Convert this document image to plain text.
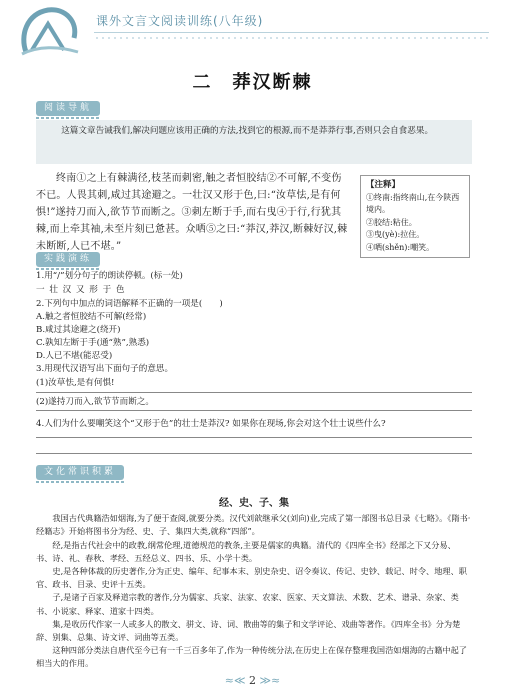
课外文言文阅读训练(八年级)
二　莽汉断棘
阅读导航

这篇文章告诫我们,解决问题应该用正确的方法,找到它的根源,而不是莽莽行事,否则只会自食恶果。

终南①之上有棘满径,枝茎而刺密,触之者恒胶结②不可解,不变伤不已。人畏其刺,咸过其途避之。一壮汉又形于色,曰:“汝草怯,是有何惧!”遂持刀而入,欲节节而断之。③刺左断于手,而右曳④于行,行犹其棘,而上牵其袖,未至片刻已惫甚。众哂⑤之曰:“莽汉,莽汉,断棘好汉,棘未断断,人已不堪。”

【注释】
①终南:指终南山,在今陕西境内。
②胶结:粘住。
③曳(yè):拉住。
④哂(shěn):嘲笑。
实践演练
1.用“/”划分句子的朗读停顿。(标一处)
一 壮 汉 又 形 于 色
2.下列句中加点的词语解释不正确的一项是(　　)
A.触之者恒胶结不可解(经常)
B.咸过其途避之(绕开)
C.孰知左断于手(通“熟”,熟悉)
D.人已不堪(能忍受)
3.用现代汉语写出下面句子的意思。
(1)汝草怯,是有何惧!
(2)遂持刀而入,欲节节而断之。
4.人们为什么要嘲笑这个“又形于色”的壮士是莽汉? 如果你在现场,你会对这个壮士说些什么?
文化常识积累
经、史、子、集

我国古代典籍浩如烟海,为了便于查阅,就要分类。汉代刘歆继承父(刘向)业,完成了第一部图书总目录《七略》。《隋书·经籍志》开始将图书分为经、史、子、集四大类,就称“四部”。

经,是指古代社会中的政教,纲常伦理,道德规范的教条,主要是儒家的典籍。清代的《四库全书》经部之下又分易、书、诗、礼、春秋、孝经、五经总义、四书、乐、小学十类。

史,是各种体裁的历史著作,分为正史、编年、纪事本末、别史杂史、诏令奏议、传记、史钞、载记、时令、地理、职官、政书、目录、史评十五类。

子,是诸子百家及释道宗教的著作,分为儒家、兵家、法家、农家、医家、天文算法、术数、艺术、谱录、杂家、类书、小说家、释家、道家十四类。

集,是收历代作家一人或多人的散文、骈文、诗、词、散曲等的集子和文学评论、戏曲等著作。《四库全书》分为楚辞、别集、总集、诗文评、词曲等五类。

这种四部分类法自唐代至今已有一千三百多年了,作为一种传统分法,在历史上在保存整理我国浩如烟海的古籍中起了相当大的作用。

≈≪ 2 ≫≈
